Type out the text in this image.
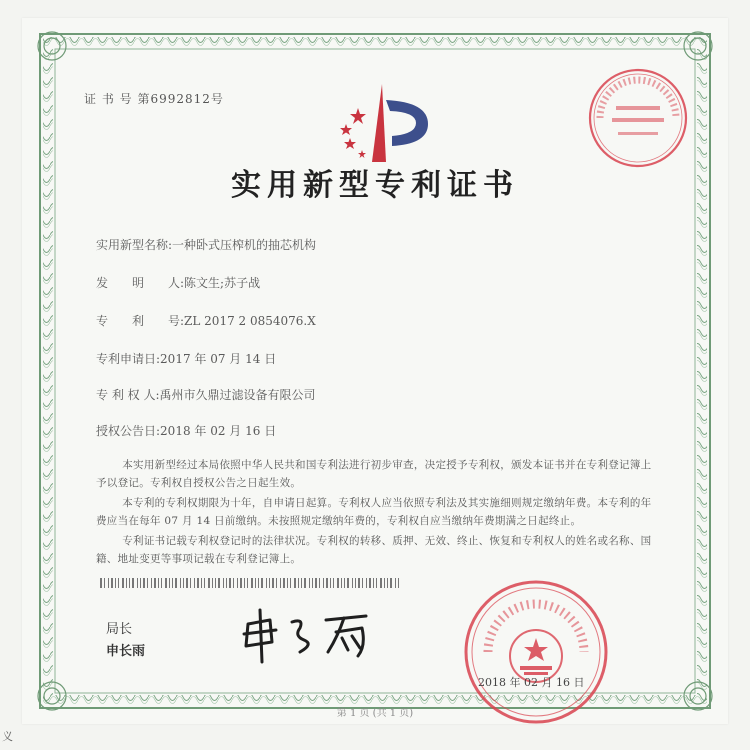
证 书 号 第6992812号
实用新型专利证书
实用新型名称:一种卧式压榨机的抽芯机构
发　　明　　人:陈文生;苏子战
专　　利　　号:ZL 2017 2 0854076.X
专利申请日:2017 年 07 月 14 日
专 利 权 人:禹州市久鼎过滤设备有限公司
授权公告日:2018 年 02 月 16 日
本实用新型经过本局依照中华人民共和国专利法进行初步审查，决定授予专利权，颁发本证书并在专利登记簿上予以登记。专利权自授权公告之日起生效。
本专利的专利权期限为十年，自申请日起算。专利权人应当依照专利法及其实施细则规定缴纳年费。本专利的年费应当在每年 07 月 14 日前缴纳。未按照规定缴纳年费的，专利权自应当缴纳年费期满之日起终止。
专利证书记载专利权登记时的法律状况。专利权的转移、质押、无效、终止、恢复和专利权人的姓名或名称、国籍、地址变更等事项记载在专利登记簿上。
局长
申长雨
2018 年 02 月 16 日
第 1 页 (共 1 页)
义
